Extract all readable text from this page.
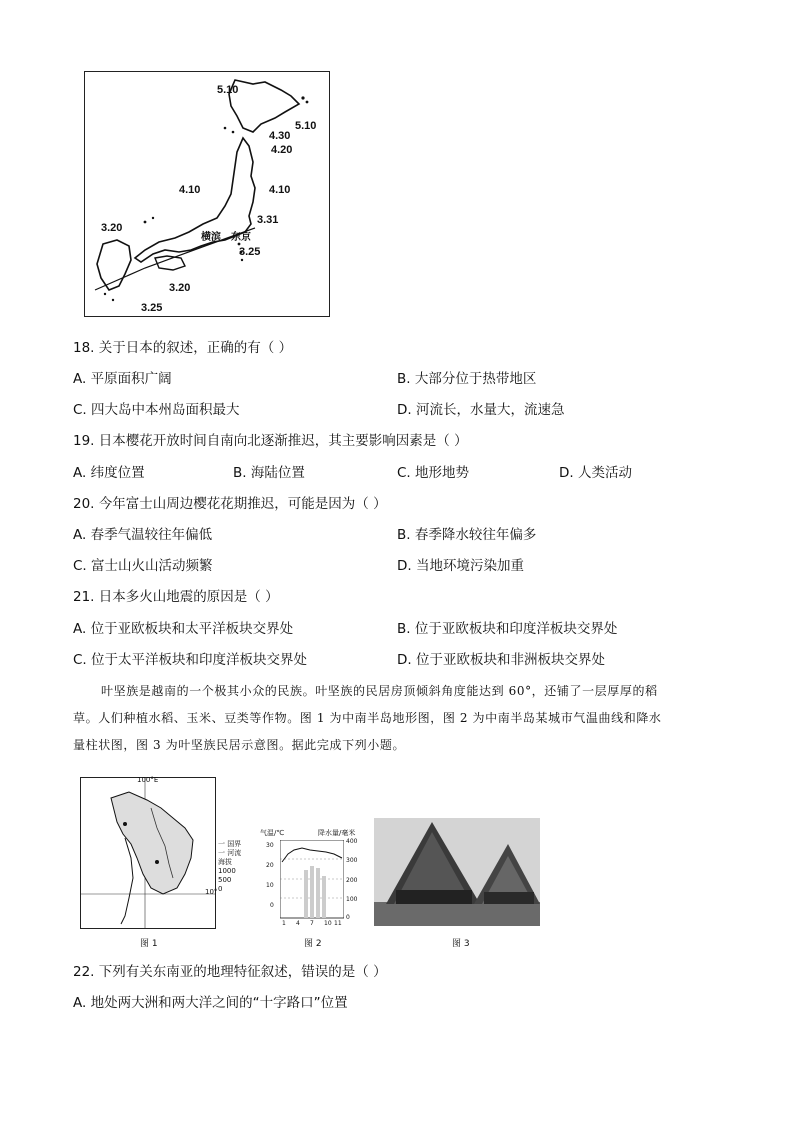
5.10
5.10
4.30
4.20
4.10	4.10
3.31
横滨 东京
3.20
3.25
3.20
3.25
18. 关于日本的叙述，正确的有（ ）
A. 平原面积广阔	B. 大部分位于热带地区
C. 四大岛中本州岛面积最大	D. 河流长，水量大，流速急
19. 日本樱花开放时间自南向北逐渐推迟，其主要影响因素是（ ）
A. 纬度位置	B. 海陆位置	C. 地形地势	D. 人类活动
20. 今年富士山周边樱花花期推迟，可能是因为（ ）
A. 春季气温较往年偏低	B. 春季降水较往年偏多
C. 富士山火山活动频繁	D. 当地环境污染加重
21. 日本多火山地震的原因是（ ）
A. 位于亚欧板块和太平洋板块交界处	B. 位于亚欧板块和印度洋板块交界处
C. 位于太平洋板块和印度洋板块交界处	D. 位于亚欧板块和非洲板块交界处
叶坚族是越南的一个极其小众的民族。叶坚族的民居房顶倾斜角度能达到 60°，还铺了一层厚厚的稻
草。人们种植水稻、玉米、豆类等作物。图 1 为中南半岛地形图，图 2 为中南半岛某城市气温曲线和降水
量柱状图，图 3 为叶坚族民居示意图。据此完成下列小题。
100°E
10°
一 国界
一 河流
海拔
1000
500
0
图 1
气温/℃	降水量/毫米
30
20
10
0
400
300
200
100
0
1 4 7 10 11
图 2	图 3
22. 下列有关东南亚的地理特征叙述，错误的是（ ）
A. 地处两大洲和两大洋之间的“十字路口”位置
